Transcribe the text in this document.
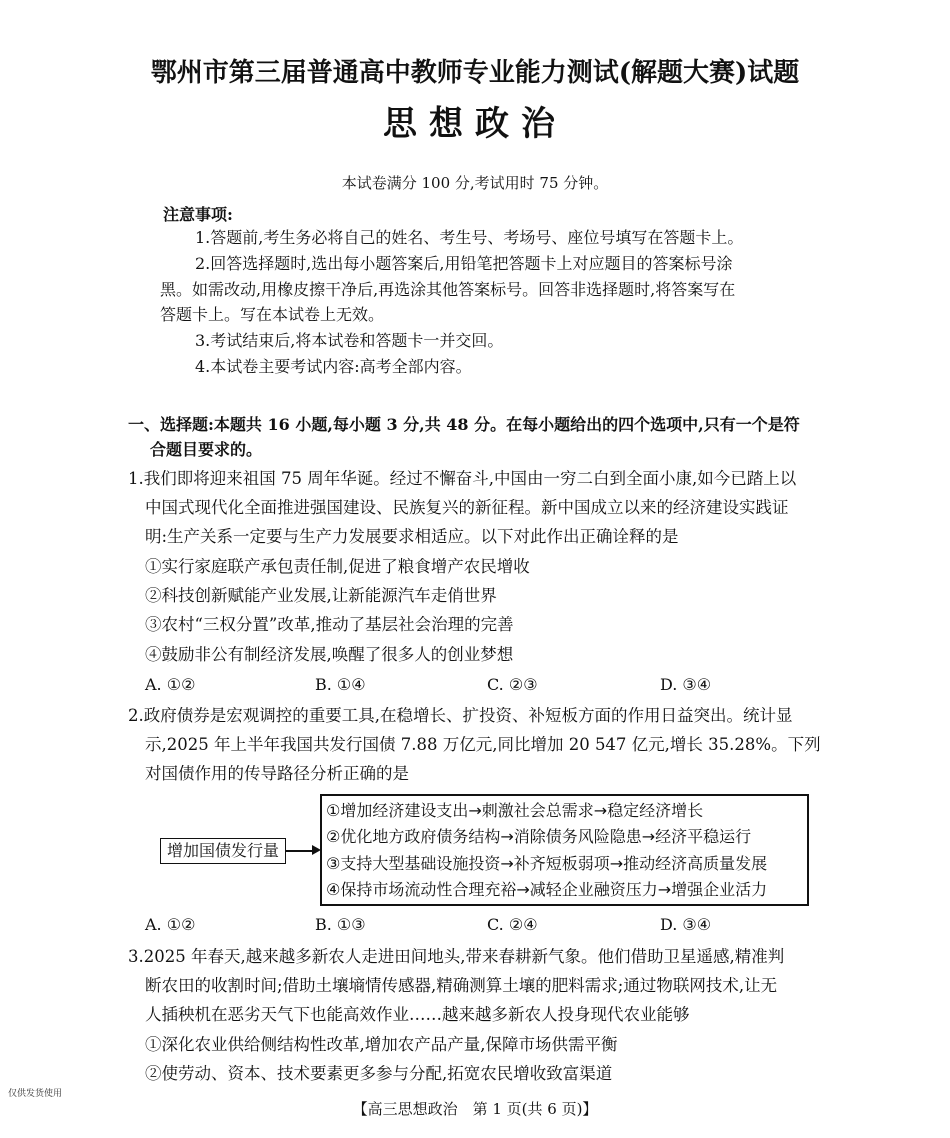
鄂州市第三届普通高中教师专业能力测试(解题大赛)试题
思想政治
本试卷满分 100 分,考试用时 75 分钟。
注意事项:
1.答题前,考生务必将自己的姓名、考生号、考场号、座位号填写在答题卡上。
2.回答选择题时,选出每小题答案后,用铅笔把答题卡上对应题目的答案标号涂
黑。如需改动,用橡皮擦干净后,再选涂其他答案标号。回答非选择题时,将答案写在
答题卡上。写在本试卷上无效。
3.考试结束后,将本试卷和答题卡一并交回。
4.本试卷主要考试内容:高考全部内容。
一、选择题:本题共 16 小题,每小题 3 分,共 48 分。在每小题给出的四个选项中,只有一个是符
合题目要求的。
1.我们即将迎来祖国 75 周年华诞。经过不懈奋斗,中国由一穷二白到全面小康,如今已踏上以
中国式现代化全面推进强国建设、民族复兴的新征程。新中国成立以来的经济建设实践证
明:生产关系一定要与生产力发展要求相适应。以下对此作出正确诠释的是
①实行家庭联产承包责任制,促进了粮食增产农民增收
②科技创新赋能产业发展,让新能源汽车走俏世界
③农村“三权分置”改革,推动了基层社会治理的完善
④鼓励非公有制经济发展,唤醒了很多人的创业梦想
A. ①②	B. ①④	C. ②③	D. ③④
2.政府债券是宏观调控的重要工具,在稳增长、扩投资、补短板方面的作用日益突出。统计显
示,2025 年上半年我国共发行国债 7.88 万亿元,同比增加 20 547 亿元,增长 35.28%。下列
对国债作用的传导路径分析正确的是
增加国债发行量
①增加经济建设支出→刺激社会总需求→稳定经济增长
②优化地方政府债务结构→消除债务风险隐患→经济平稳运行
③支持大型基础设施投资→补齐短板弱项→推动经济高质量发展
④保持市场流动性合理充裕→减轻企业融资压力→增强企业活力
A. ①②	B. ①③	C. ②④	D. ③④
3.2025 年春天,越来越多新农人走进田间地头,带来春耕新气象。他们借助卫星遥感,精准判
断农田的收割时间;借助土壤墒情传感器,精确测算土壤的肥料需求;通过物联网技术,让无
人插秧机在恶劣天气下也能高效作业……越来越多新农人投身现代农业能够
①深化农业供给侧结构性改革,增加农产品产量,保障市场供需平衡
②使劳动、资本、技术要素更多参与分配,拓宽农民增收致富渠道
仅供发货使用
【高三思想政治　第 1 页(共 6 页)】
